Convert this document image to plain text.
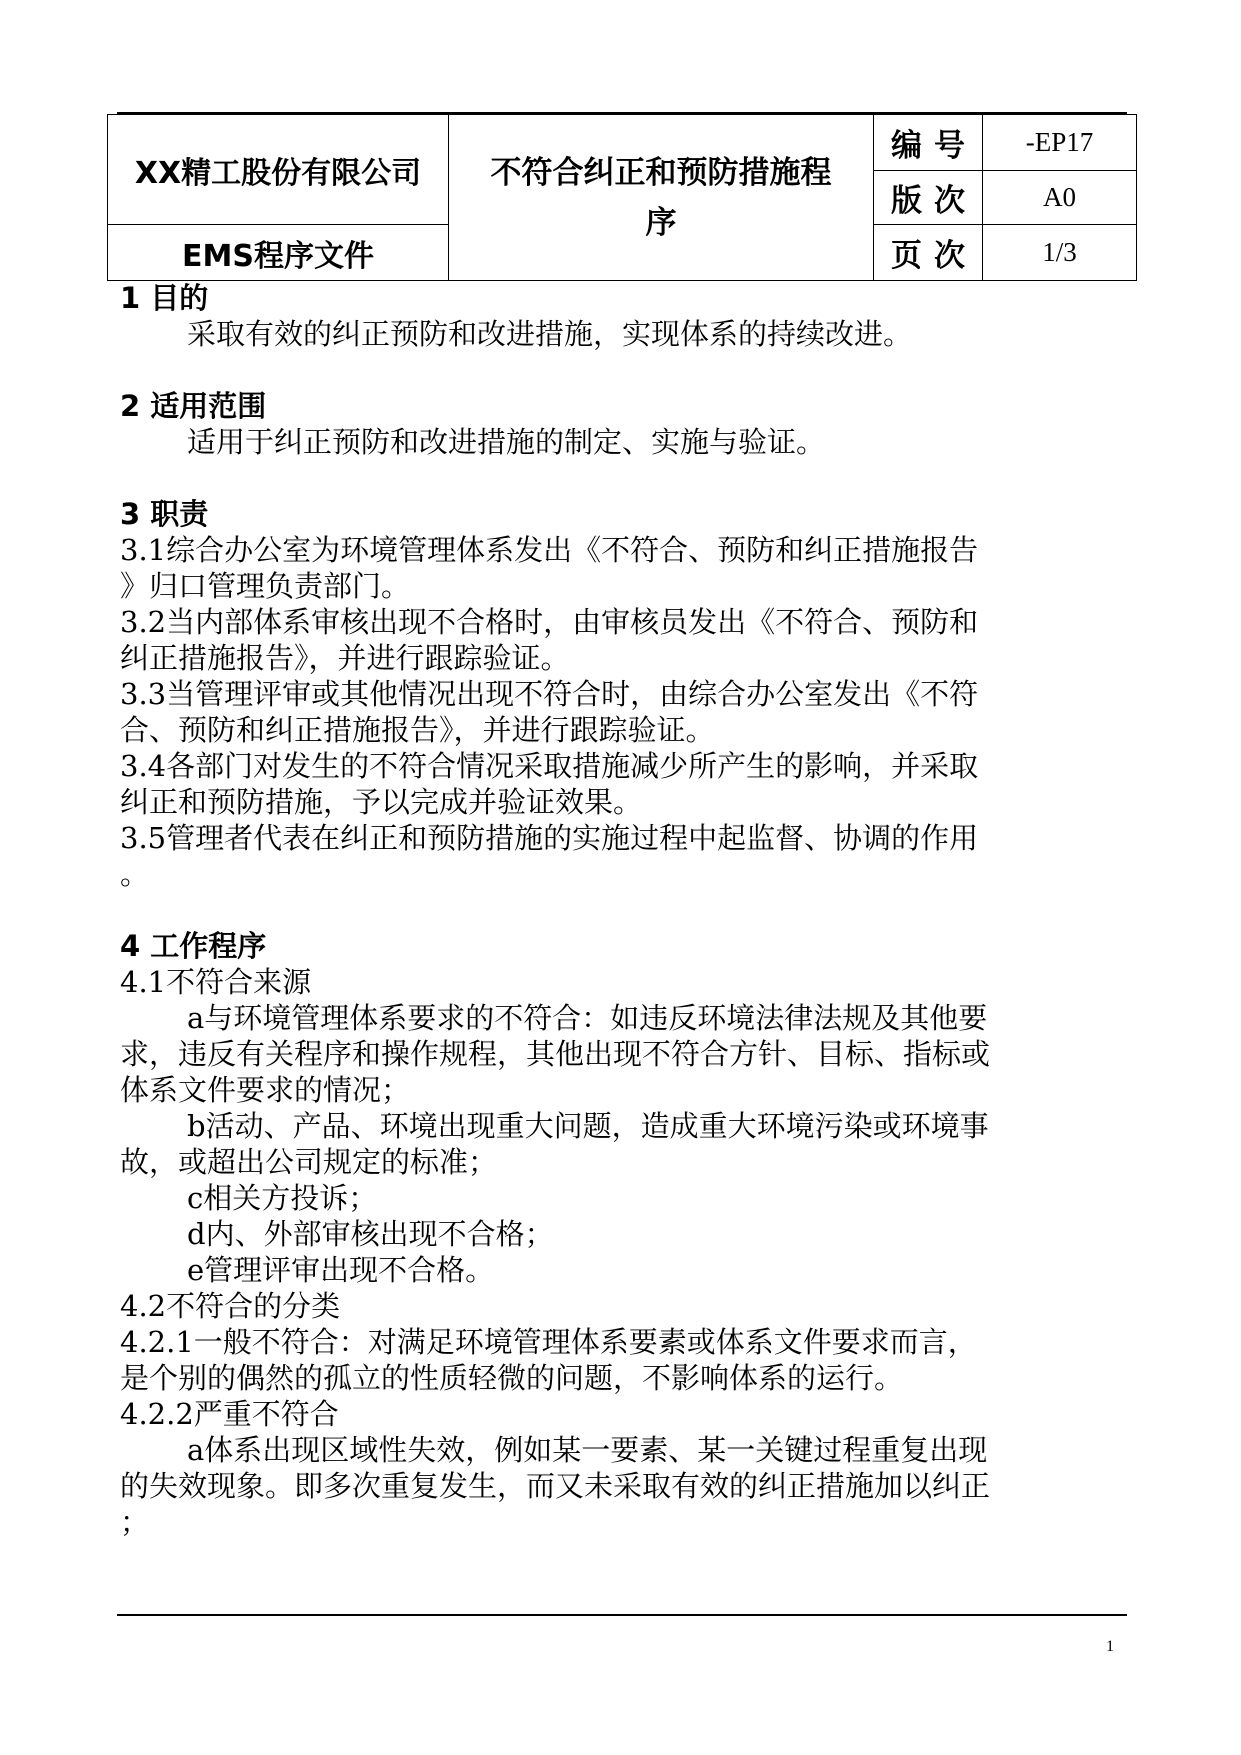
XX精工股份有限公司	不符合纠正和预防措施程序	编号	-EP17
		版次	A0
EMS程序文件		页次	1/3

1 目的

采取有效的纠正预防和改进措施，实现体系的持续改进。

2 适用范围

适用于纠正预防和改进措施的制定、实施与验证。

3 职责

3.1综合办公室为环境管理体系发出《不符合、预防和纠正措施报告

》归口管理负责部门。

3.2当内部体系审核出现不合格时，由审核员发出《不符合、预防和

纠正措施报告》，并进行跟踪验证。

3.3当管理评审或其他情况出现不符合时，由综合办公室发出《不符

合、预防和纠正措施报告》，并进行跟踪验证。

3.4各部门对发生的不符合情况采取措施减少所产生的影响，并采取

纠正和预防措施，予以完成并验证效果。

3.5管理者代表在纠正和预防措施的实施过程中起监督、协调的作用

。

4 工作程序

4.1不符合来源

a与环境管理体系要求的不符合：如违反环境法律法规及其他要

求，违反有关程序和操作规程，其他出现不符合方针、目标、指标或

体系文件要求的情况；

b活动、产品、环境出现重大问题，造成重大环境污染或环境事

故，或超出公司规定的标准；

c相关方投诉；

d内、外部审核出现不合格；

e管理评审出现不合格。

4.2不符合的分类

4.2.1一般不符合：对满足环境管理体系要素或体系文件要求而言，

是个别的偶然的孤立的性质轻微的问题，不影响体系的运行。

4.2.2严重不符合

a体系出现区域性失效，例如某一要素、某一关键过程重复出现

的失效现象。即多次重复发生，而又未采取有效的纠正措施加以纠正

；

1
